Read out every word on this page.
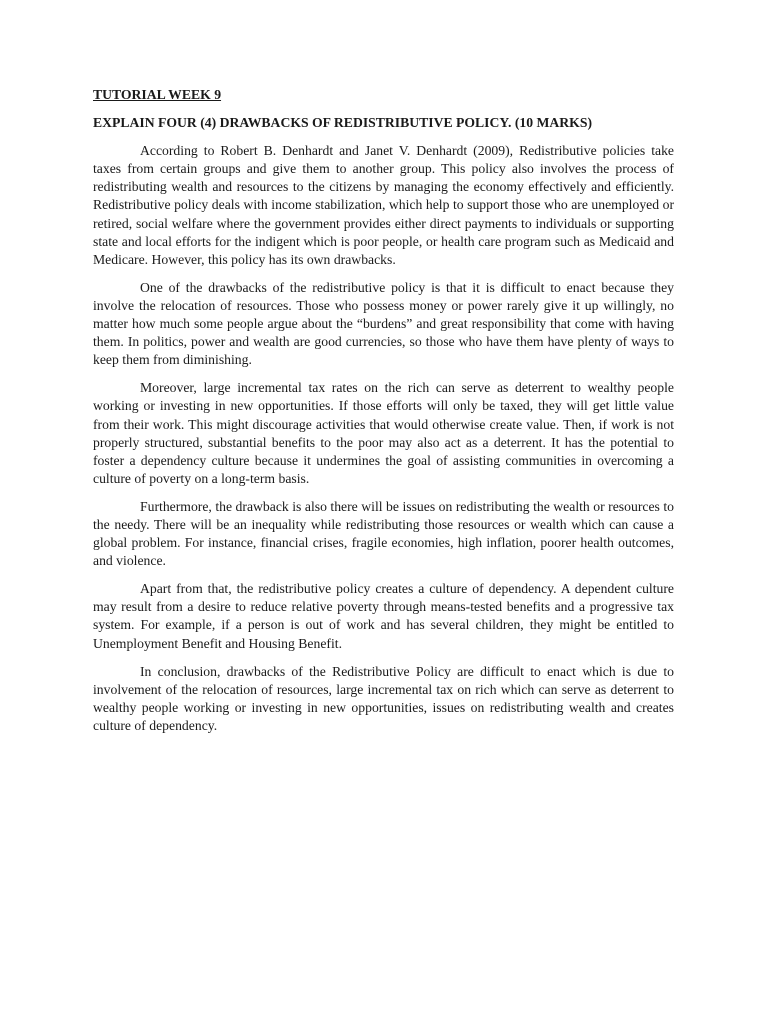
TUTORIAL WEEK 9

EXPLAIN FOUR (4) DRAWBACKS OF REDISTRIBUTIVE POLICY. (10 MARKS)

According to Robert B. Denhardt and Janet V. Denhardt (2009), Redistributive policies take taxes from certain groups and give them to another group. This policy also involves the process of redistributing wealth and resources to the citizens by managing the economy effectively and efficiently. Redistributive policy deals with income stabilization, which help to support those who are unemployed or retired, social welfare where the government provides either direct payments to individuals or supporting state and local efforts for the indigent which is poor people, or health care program such as Medicaid and Medicare. However, this policy has its own drawbacks.

One of the drawbacks of the redistributive policy is that it is difficult to enact because they involve the relocation of resources. Those who possess money or power rarely give it up willingly, no matter how much some people argue about the “burdens” and great responsibility that come with having them. In politics, power and wealth are good currencies, so those who have them have plenty of ways to keep them from diminishing.

Moreover, large incremental tax rates on the rich can serve as deterrent to wealthy people working or investing in new opportunities. If those efforts will only be taxed, they will get little value from their work. This might discourage activities that would otherwise create value. Then, if work is not properly structured, substantial benefits to the poor may also act as a deterrent. It has the potential to foster a dependency culture because it undermines the goal of assisting communities in overcoming a culture of poverty on a long-term basis.

Furthermore, the drawback is also there will be issues on redistributing the wealth or resources to the needy. There will be an inequality while redistributing those resources or wealth which can cause a global problem. For instance, financial crises, fragile economies, high inflation, poorer health outcomes, and violence.

Apart from that, the redistributive policy creates a culture of dependency. A dependent culture may result from a desire to reduce relative poverty through means-tested benefits and a progressive tax system. For example, if a person is out of work and has several children, they might be entitled to Unemployment Benefit and Housing Benefit.

In conclusion, drawbacks of the Redistributive Policy are difficult to enact which is due to involvement of the relocation of resources, large incremental tax on rich which can serve as deterrent to wealthy people working or investing in new opportunities, issues on redistributing wealth and creates culture of dependency.
